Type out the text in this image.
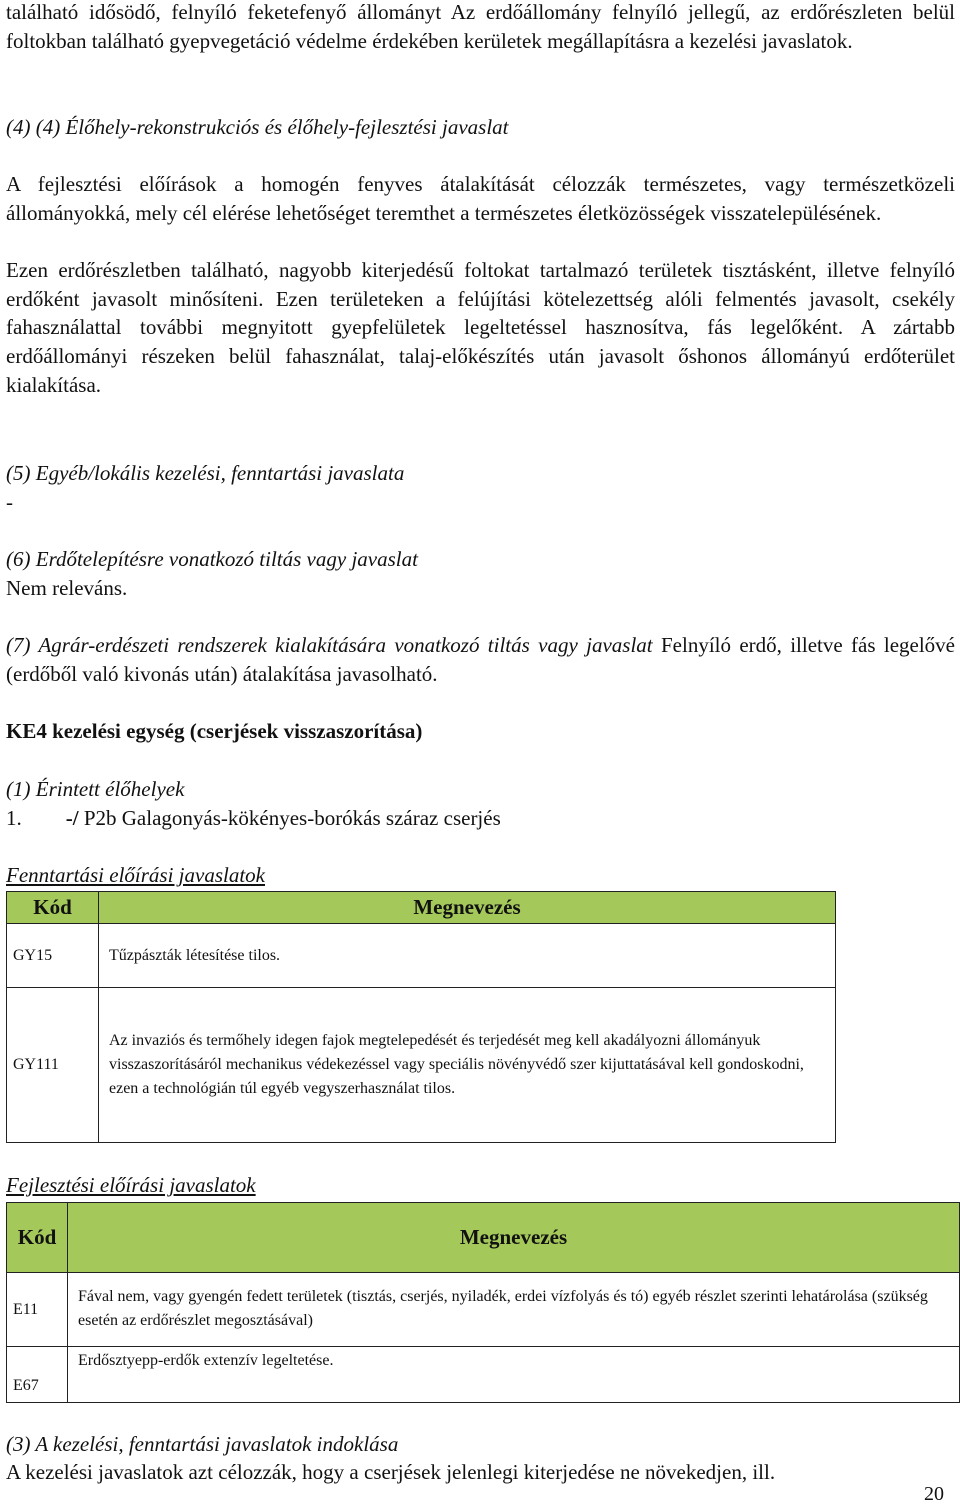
található idősödő, felnyíló feketefenyő állományt Az erdőállomány felnyíló jellegű, az erdőrészleten belül foltokban található gyepvegetáció védelme érdekében kerületek megállapításra a kezelési javaslatok.

(4) (4) Élőhely-rekonstrukciós és élőhely-fejlesztési javaslat

A fejlesztési előírások a homogén fenyves átalakítását célozzák természetes, vagy természetközeli állományokká, mely cél elérése lehetőséget teremthet a természetes életközösségek visszatelepülésének.

Ezen erdőrészletben található, nagyobb kiterjedésű foltokat tartalmazó területek tisztásként, illetve felnyíló erdőként javasolt minősíteni. Ezen területeken a felújítási kötelezettség alóli felmentés javasolt, csekély fahasználattal további megnyitott gyepfelületek legeltetéssel hasznosítva, fás legelőként. A zártabb erdőállományi részeken belül fahasználat, talaj-előkészítés után javasolt őshonos állományú erdőterület kialakítása.

(5) Egyéb/lokális kezelési, fenntartási javaslata

-

(6) Erdőtelepítésre vonatkozó tiltás vagy javaslat

Nem releváns.

(7) Agrár-erdészeti rendszerek kialakítására vonatkozó tiltás vagy javaslat Felnyíló erdő, illetve fás legelővé (erdőből való kivonás után) átalakítása javasolható.

KE4 kezelési egység (cserjések visszaszorítása)

(1) Érintett élőhelyek

1. -/ P2b Galagonyás-kökényes-borókás száraz cserjés

Fenntartási előírási javaslatok

Kód	Megnevezés
GY15	Tűzpászták létesítése tilos.
GY111	Az invaziós és termőhely idegen fajok megtelepedését és terjedését meg kell akadályozni állományuk visszaszorításáról mechanikus védekezéssel vagy speciális növényvédő szer kijuttatásával kell gondoskodni, ezen a technológián túl egyéb vegyszerhasználat tilos.

Fejlesztési előírási javaslatok

Kód	Megnevezés
E11	Fával nem, vagy gyengén fedett területek (tisztás, cserjés, nyiladék, erdei vízfolyás és tó) egyéb részlet szerinti lehatárolása (szükség esetén az erdőrészlet megosztásával)
E67	Erdősztyepp-erdők extenzív legeltetése.

(3) A kezelési, fenntartási javaslatok indoklása

A kezelési javaslatok azt célozzák, hogy a cserjések jelenlegi kiterjedése ne növekedjen, ill.

20
